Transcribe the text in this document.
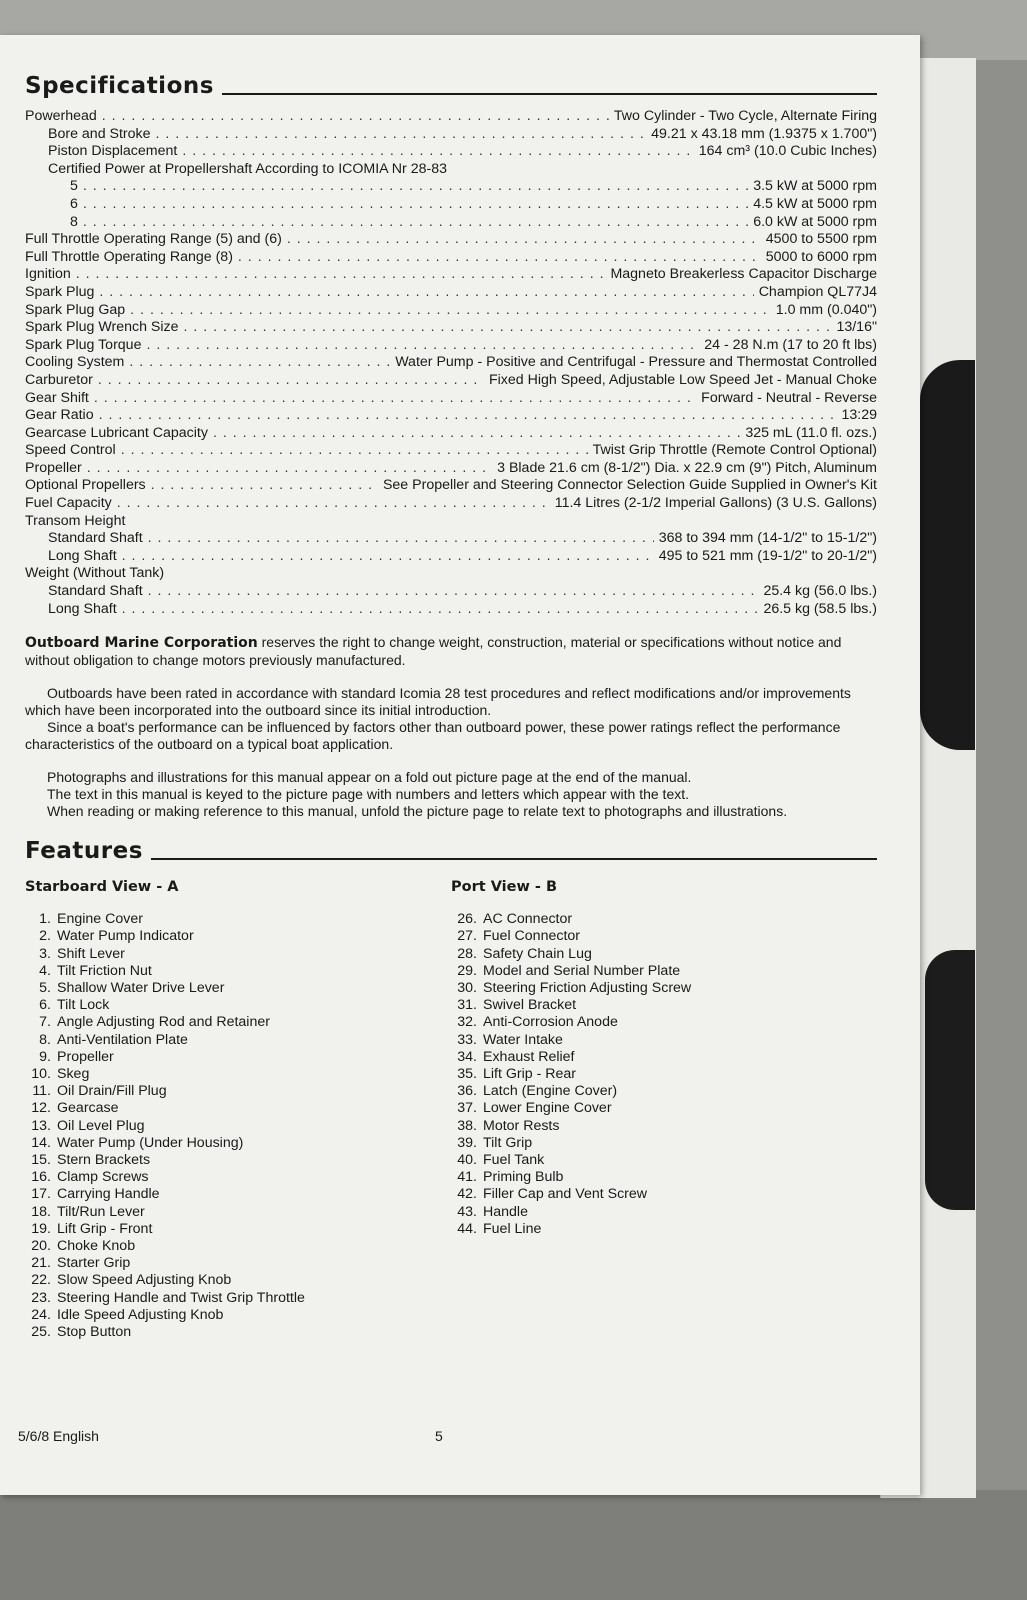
Specifications
Powerhead . . .	Two Cylinder - Two Cycle, Alternate Firing
Bore and Stroke . . .	49.21 x 43.18 mm (1.9375 x 1.700")
Piston Displacement . . .	164 cm³ (10.0 Cubic Inches)
Certified Power at Propellershaft According to ICOMIA Nr 28-83
5 . . .	3.5 kW at 5000 rpm
6 . . .	4.5 kW at 5000 rpm
8 . . .	6.0 kW at 5000 rpm
Full Throttle Operating Range (5) and (6) . . .	4500 to 5500 rpm
Full Throttle Operating Range (8) . . .	5000 to 6000 rpm
Ignition . . .	Magneto Breakerless Capacitor Discharge
Spark Plug . . .	Champion QL77J4
Spark Plug Gap . . .	1.0 mm (0.040")
Spark Plug Wrench Size . . .	13/16"
Spark Plug Torque . . .	24 - 28 N.m (17 to 20 ft lbs)
Cooling System . . .	Water Pump - Positive and Centrifugal - Pressure and Thermostat Controlled
Carburetor . . .	Fixed High Speed, Adjustable Low Speed Jet - Manual Choke
Gear Shift . . .	Forward - Neutral - Reverse
Gear Ratio . . .	13:29
Gearcase Lubricant Capacity . . .	325 mL (11.0 fl. ozs.)
Speed Control . . .	Twist Grip Throttle (Remote Control Optional)
Propeller . . .	3 Blade 21.6 cm (8-1/2") Dia. x 22.9 cm (9") Pitch, Aluminum
Optional Propellers . . .	See Propeller and Steering Connector Selection Guide Supplied in Owner's Kit
Fuel Capacity . . .	11.4 Litres (2-1/2 Imperial Gallons) (3 U.S. Gallons)
Transom Height
Standard Shaft . . .	368 to 394 mm (14-1/2" to 15-1/2")
Long Shaft . . .	495 to 521 mm (19-1/2" to 20-1/2")
Weight (Without Tank)
Standard Shaft . . .	25.4 kg (56.0 lbs.)
Long Shaft . . .	26.5 kg (58.5 lbs.)

Outboard Marine Corporation reserves the right to change weight, construction, material or specifications without notice and without obligation to change motors previously manufactured.

Outboards have been rated in accordance with standard Icomia 28 test procedures and reflect modifications and/or improvements which have been incorporated into the outboard since its initial introduction.

Since a boat's performance can be influenced by factors other than outboard power, these power ratings reflect the performance characteristics of the outboard on a typical boat application.

Photographs and illustrations for this manual appear on a fold out picture page at the end of the manual.

The text in this manual is keyed to the picture page with numbers and letters which appear with the text.

When reading or making reference to this manual, unfold the picture page to relate text to photographs and illustrations.

Features
Starboard View - A
1. Engine Cover
2. Water Pump Indicator
3. Shift Lever
4. Tilt Friction Nut
5. Shallow Water Drive Lever
6. Tilt Lock
7. Angle Adjusting Rod and Retainer
8. Anti-Ventilation Plate
9. Propeller
10. Skeg
11. Oil Drain/Fill Plug
12. Gearcase
13. Oil Level Plug
14. Water Pump (Under Housing)
15. Stern Brackets
16. Clamp Screws
17. Carrying Handle
18. Tilt/Run Lever
19. Lift Grip - Front
20. Choke Knob
21. Starter Grip
22. Slow Speed Adjusting Knob
23. Steering Handle and Twist Grip Throttle
24. Idle Speed Adjusting Knob
25. Stop Button
Port View - B
26. AC Connector
27. Fuel Connector
28. Safety Chain Lug
29. Model and Serial Number Plate
30. Steering Friction Adjusting Screw
31. Swivel Bracket
32. Anti-Corrosion Anode
33. Water Intake
34. Exhaust Relief
35. Lift Grip - Rear
36. Latch (Engine Cover)
37. Lower Engine Cover
38. Motor Rests
39. Tilt Grip
40. Fuel Tank
41. Priming Bulb
42. Filler Cap and Vent Screw
43. Handle
44. Fuel Line
5/6/8 English	5
